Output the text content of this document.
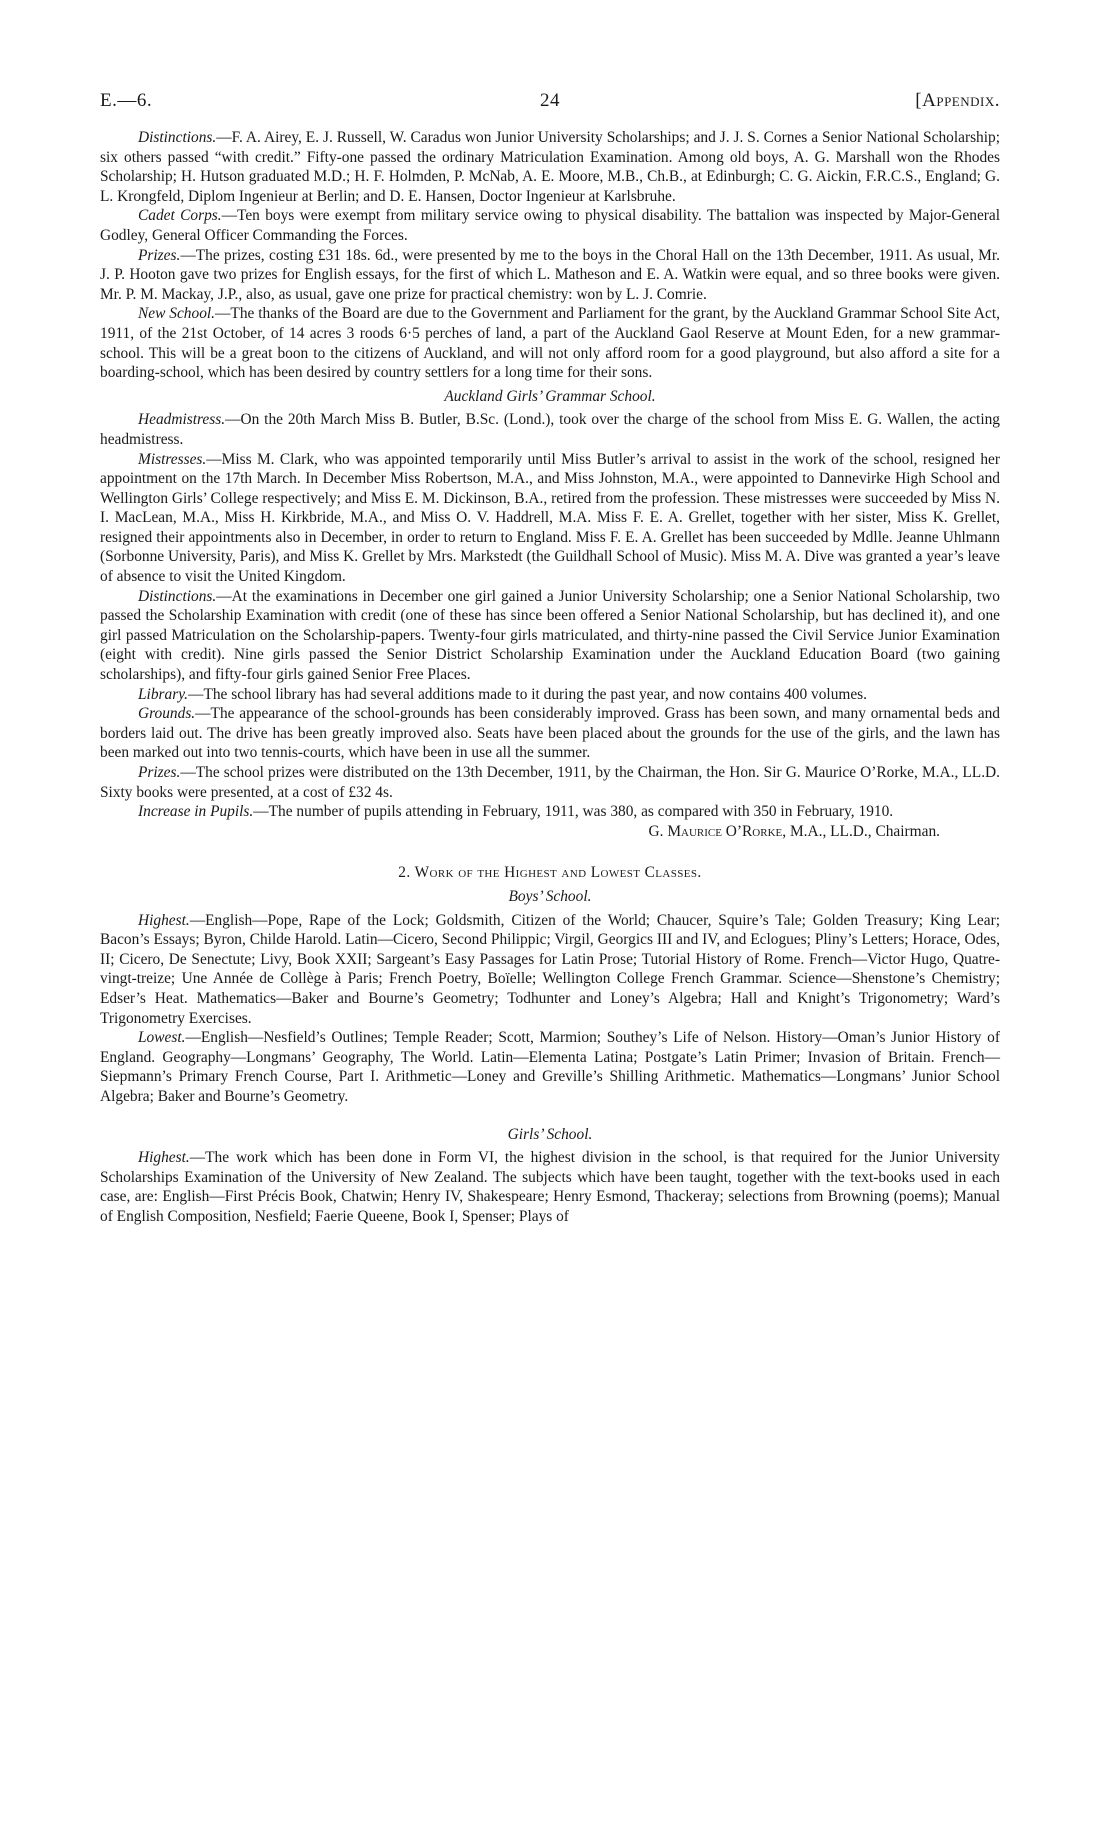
E.—6.	24	[Appendix.

Distinctions.—F. A. Airey, E. J. Russell, W. Caradus won Junior University Scholarships; and J. J. S. Cornes a Senior National Scholarship; six others passed “with credit.” Fifty-one passed the ordinary Matriculation Examination. Among old boys, A. G. Marshall won the Rhodes Scholarship; H. Hutson graduated M.D.; H. F. Holmden, P. McNab, A. E. Moore, M.B., Ch.B., at Edinburgh; C. G. Aickin, F.R.C.S., England; G. L. Krongfeld, Diplom Ingenieur at Berlin; and D. E. Hansen, Doctor Ingenieur at Karlsbruhe.

Cadet Corps.—Ten boys were exempt from military service owing to physical disability. The battalion was inspected by Major-General Godley, General Officer Commanding the Forces.

Prizes.—The prizes, costing £31 18s. 6d., were presented by me to the boys in the Choral Hall on the 13th December, 1911. As usual, Mr. J. P. Hooton gave two prizes for English essays, for the first of which L. Matheson and E. A. Watkin were equal, and so three books were given. Mr. P. M. Mackay, J.P., also, as usual, gave one prize for practical chemistry: won by L. J. Comrie.

New School.—The thanks of the Board are due to the Government and Parliament for the grant, by the Auckland Grammar School Site Act, 1911, of the 21st October, of 14 acres 3 roods 6·5 perches of land, a part of the Auckland Gaol Reserve at Mount Eden, for a new grammar-school. This will be a great boon to the citizens of Auckland, and will not only afford room for a good playground, but also afford a site for a boarding-school, which has been desired by country settlers for a long time for their sons.

Auckland Girls’ Grammar School.

Headmistress.—On the 20th March Miss B. Butler, B.Sc. (Lond.), took over the charge of the school from Miss E. G. Wallen, the acting headmistress.

Mistresses.—Miss M. Clark, who was appointed temporarily until Miss Butler’s arrival to assist in the work of the school, resigned her appointment on the 17th March. In December Miss Robertson, M.A., and Miss Johnston, M.A., were appointed to Dannevirke High School and Wellington Girls’ College respectively; and Miss E. M. Dickinson, B.A., retired from the profession. These mistresses were succeeded by Miss N. I. MacLean, M.A., Miss H. Kirkbride, M.A., and Miss O. V. Haddrell, M.A. Miss F. E. A. Grellet, together with her sister, Miss K. Grellet, resigned their appointments also in December, in order to return to England. Miss F. E. A. Grellet has been succeeded by Mdlle. Jeanne Uhlmann (Sorbonne University, Paris), and Miss K. Grellet by Mrs. Markstedt (the Guildhall School of Music). Miss M. A. Dive was granted a year’s leave of absence to visit the United Kingdom.

Distinctions.—At the examinations in December one girl gained a Junior University Scholarship; one a Senior National Scholarship, two passed the Scholarship Examination with credit (one of these has since been offered a Senior National Scholarship, but has declined it), and one girl passed Matriculation on the Scholarship-papers. Twenty-four girls matriculated, and thirty-nine passed the Civil Service Junior Examination (eight with credit). Nine girls passed the Senior District Scholarship Examination under the Auckland Education Board (two gaining scholarships), and fifty-four girls gained Senior Free Places.

Library.—The school library has had several additions made to it during the past year, and now contains 400 volumes.

Grounds.—The appearance of the school-grounds has been considerably improved. Grass has been sown, and many ornamental beds and borders laid out. The drive has been greatly improved also. Seats have been placed about the grounds for the use of the girls, and the lawn has been marked out into two tennis-courts, which have been in use all the summer.

Prizes.—The school prizes were distributed on the 13th December, 1911, by the Chairman, the Hon. Sir G. Maurice O’Rorke, M.A., LL.D. Sixty books were presented, at a cost of £32 4s.

Increase in Pupils.—The number of pupils attending in February, 1911, was 380, as compared with 350 in February, 1910.

G. Maurice O’Rorke, M.A., LL.D., Chairman.

2. Work of the Highest and Lowest Classes.
Boys’ School.

Highest.—English—Pope, Rape of the Lock; Goldsmith, Citizen of the World; Chaucer, Squire’s Tale; Golden Treasury; King Lear; Bacon’s Essays; Byron, Childe Harold. Latin—Cicero, Second Philippic; Virgil, Georgics III and IV, and Eclogues; Pliny’s Letters; Horace, Odes, II; Cicero, De Senectute; Livy, Book XXII; Sargeant’s Easy Passages for Latin Prose; Tutorial History of Rome. French—Victor Hugo, Quatre-vingt-treize; Une Année de Collège à Paris; French Poetry, Boïelle; Wellington College French Grammar. Science—Shenstone’s Chemistry; Edser’s Heat. Mathematics—Baker and Bourne’s Geometry; Todhunter and Loney’s Algebra; Hall and Knight’s Trigonometry; Ward’s Trigonometry Exercises.

Lowest.—English—Nesfield’s Outlines; Temple Reader; Scott, Marmion; Southey’s Life of Nelson. History—Oman’s Junior History of England. Geography—Longmans’ Geography, The World. Latin—Elementa Latina; Postgate’s Latin Primer; Invasion of Britain. French—Siepmann’s Primary French Course, Part I. Arithmetic—Loney and Greville’s Shilling Arithmetic. Mathematics—Longmans’ Junior School Algebra; Baker and Bourne’s Geometry.

Girls’ School.

Highest.—The work which has been done in Form VI, the highest division in the school, is that required for the Junior University Scholarships Examination of the University of New Zealand. The subjects which have been taught, together with the text-books used in each case, are: English—First Précis Book, Chatwin; Henry IV, Shakespeare; Henry Esmond, Thackeray; selections from Browning (poems); Manual of English Composition, Nesfield; Faerie Queene, Book I, Spenser; Plays of
